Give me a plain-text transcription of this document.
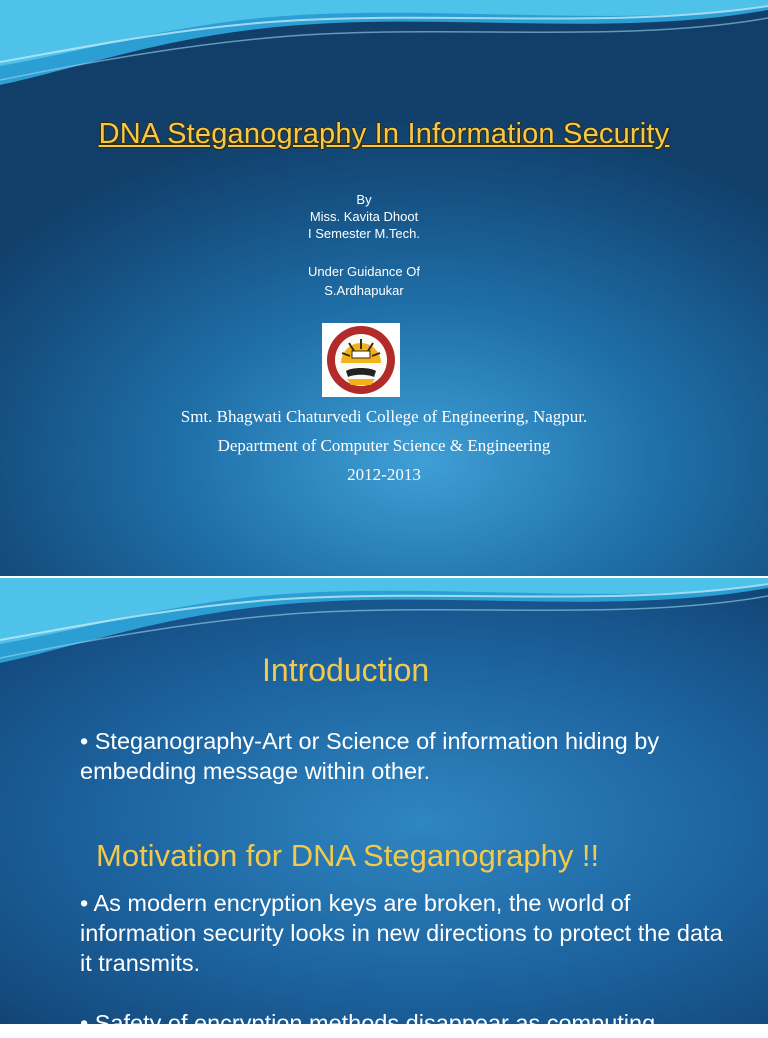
DNA Steganography In Information Security
By
Miss. Kavita Dhoot
I Semester M.Tech.
Under Guidance Of
S.Ardhapukar
Smt. Bhagwati Chaturvedi College of Engineering, Nagpur.
Department of Computer Science & Engineering
2012-2013
Introduction

• Steganography-Art or Science of information hiding by embedding message within other.

Motivation for DNA Steganography !!

• As modern encryption keys are broken, the world of information security looks in new directions to protect the data it transmits.

• Safety of encryption methods disappear as computing
